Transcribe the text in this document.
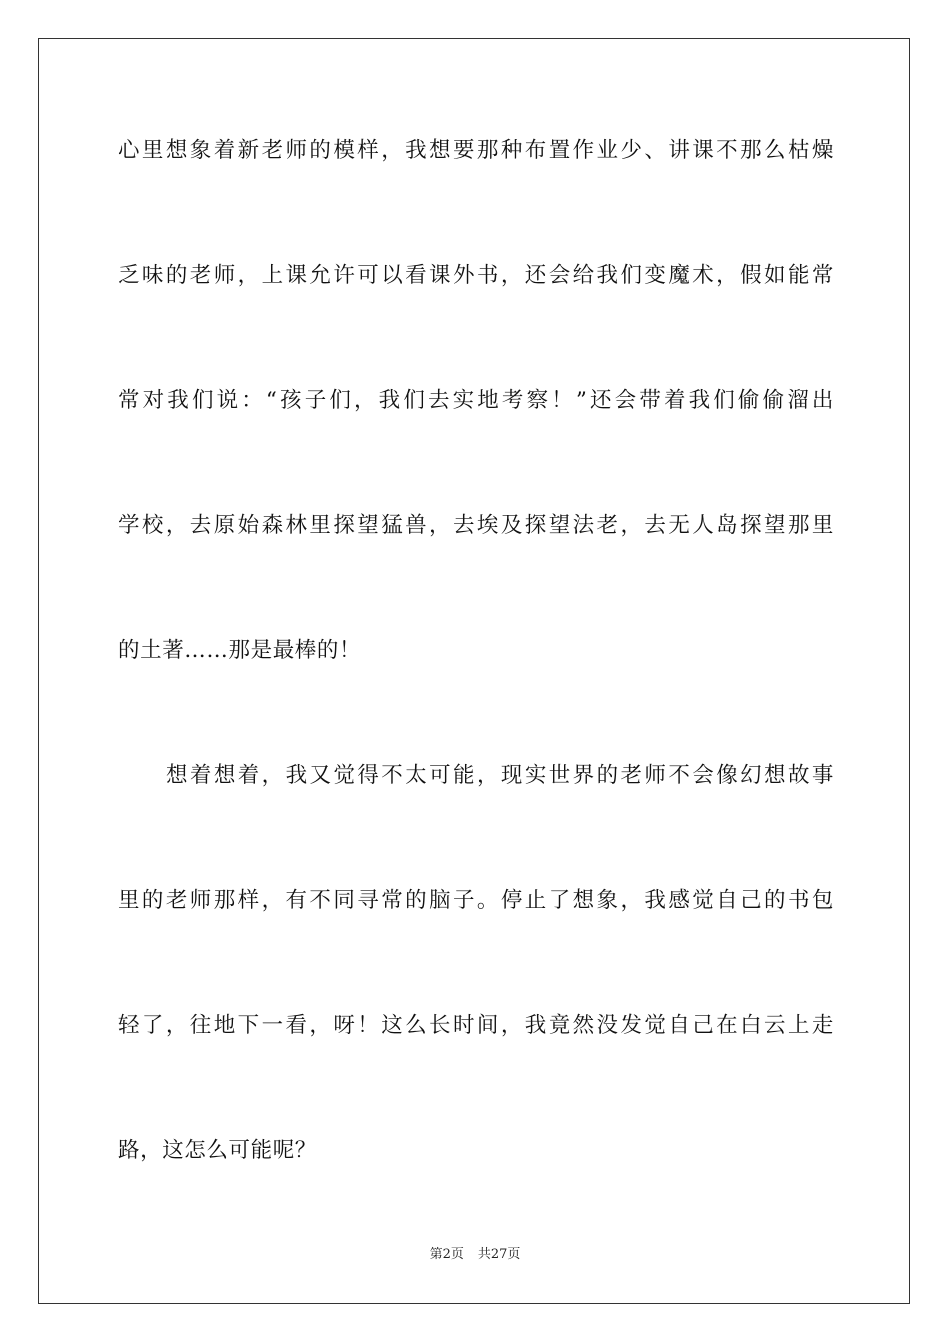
心里想象着新老师的模样，我想要那种布置作业少、讲课不那么枯燥
乏味的老师，上课允许可以看课外书，还会给我们变魔术，假如能常
常对我们说：“孩子们，我们去实地考察！”还会带着我们偷偷溜出
学校，去原始森林里探望猛兽，去埃及探望法老，去无人岛探望那里
的土著……那是最棒的！
想着想着，我又觉得不太可能，现实世界的老师不会像幻想故事
里的老师那样，有不同寻常的脑子。停止了想象，我感觉自己的书包
轻了，往地下一看，呀！这么长时间，我竟然没发觉自己在白云上走
路，这怎么可能呢？
第2页 共27页
